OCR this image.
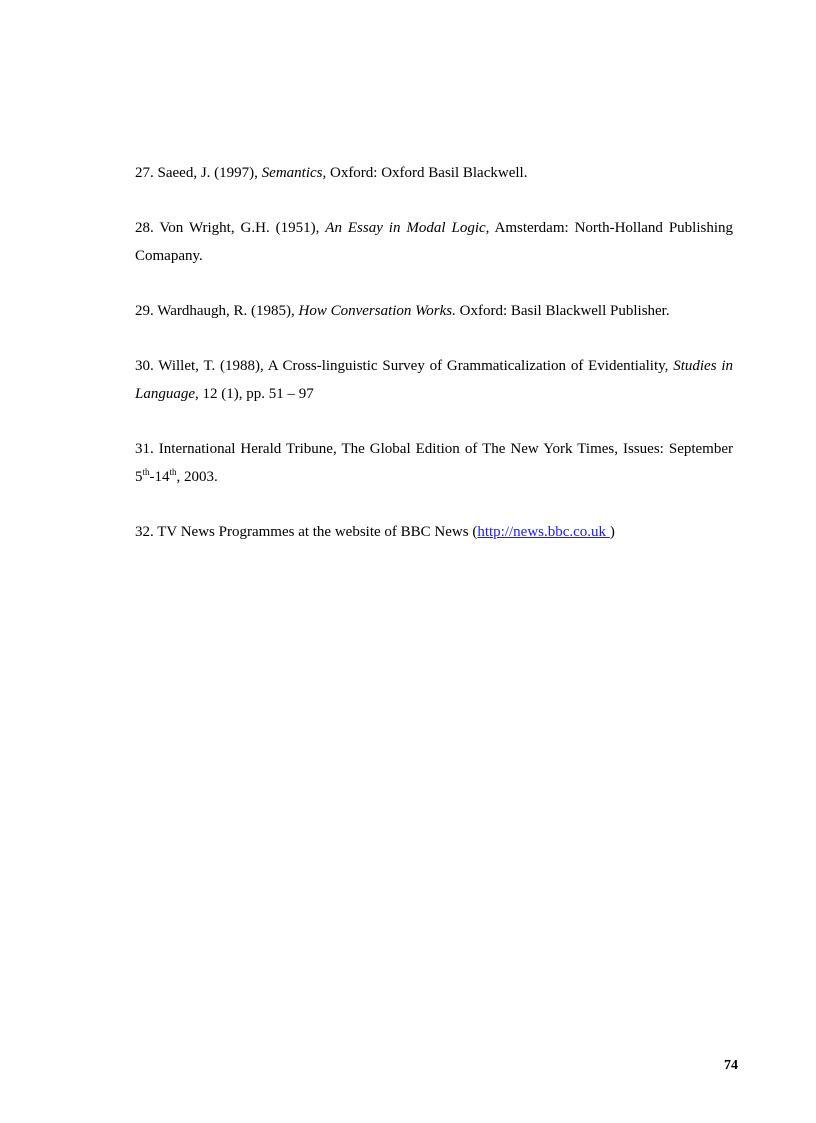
27. Saeed, J. (1997), Semantics, Oxford: Oxford Basil Blackwell.

28. Von Wright, G.H. (1951), An Essay in Modal Logic, Amsterdam: North-Holland Publishing Comapany.

29. Wardhaugh, R. (1985), How Conversation Works. Oxford: Basil Blackwell Publisher.

30. Willet, T. (1988), A Cross-linguistic Survey of Grammaticalization of Evidentiality, Studies in Language, 12 (1), pp. 51 – 97

31. International Herald Tribune, The Global Edition of The New York Times, Issues: September 5th-14th, 2003.

32. TV News Programmes at the website of BBC News (http://news.bbc.co.uk )

74
